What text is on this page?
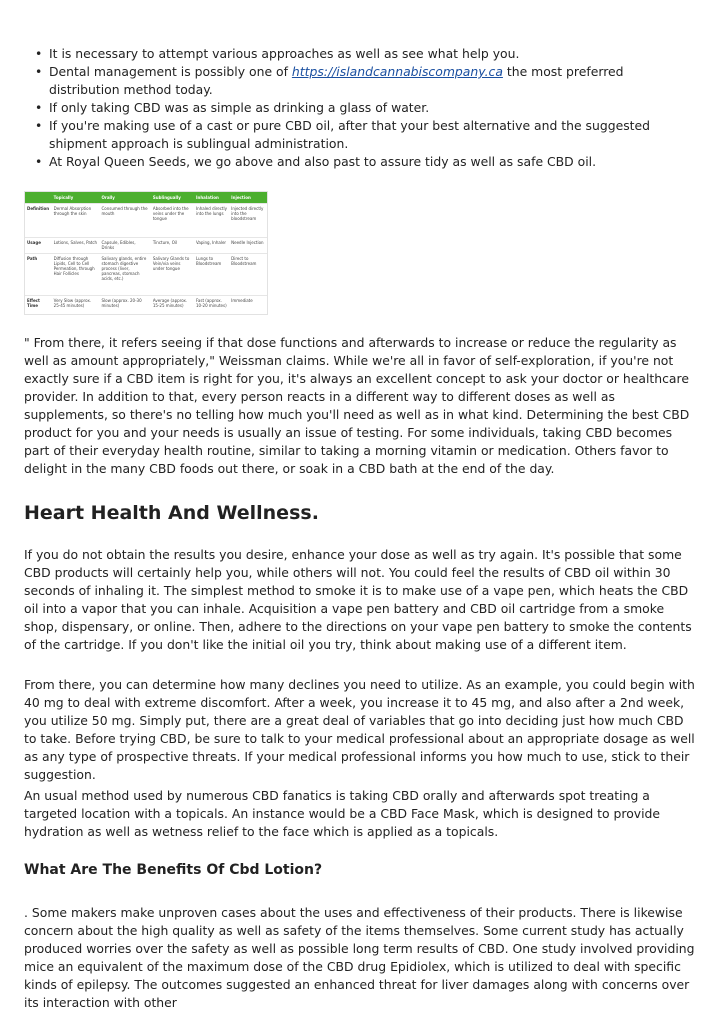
• It is necessary to attempt various approaches as well as see what help you.
• Dental management is possibly one of https://islandcannabiscompany.ca the most preferred distribution method today.
• If only taking CBD was as simple as drinking a glass of water.
• If you're making use of a cast or pure CBD oil, after that your best alternative and the suggested shipment approach is sublingual administration.
• At Royal Queen Seeds, we go above and also past to assure tidy as well as safe CBD oil.
	Topically	Orally	Sublingually	Inhalation	Injection
Definition	Dermal Absorption through the skin	Consumed through the mouth	Absorbed into the veins under the tongue	Inhaled directly into the lungs	Injected directly into the bloodstream
Usage	Lotions, Salves, Patch	Capsule, Edibles, Drinks	Tincture, Oil	Vaping, Inhaler	Needle Injection
Path	Diffusion through Lipids, Cell to Cell Permeation, through Hair Follicles	Salivary glands, entire stomach digestive process (liver, pancreas, stomach acids, etc.)	Salivary Glands to Vein/via veins under tongue	Lungs to Bloodstream	Direct to Bloodstream
Effect Time	Very Slow (approx. 25-45 minutes)	Slow (approx. 20-30 minutes)	Average (approx. 15-25 minutes)	Fast (approx. 10-20 minutes)	Immediate

" From there, it refers seeing if that dose functions and afterwards to increase or reduce the regularity as well as amount appropriately," Weissman claims. While we're all in favor of self-exploration, if you're not exactly sure if a CBD item is right for you, it's always an excellent concept to ask your doctor or healthcare provider. In addition to that, every person reacts in a different way to different doses as well as supplements, so there's no telling how much you'll need as well as in what kind. Determining the best CBD product for you and your needs is usually an issue of testing. For some individuals, taking CBD becomes part of their everyday health routine, similar to taking a morning vitamin or medication. Others favor to delight in the many CBD foods out there, or soak in a CBD bath at the end of the day.

Heart Health And Wellness.

If you do not obtain the results you desire, enhance your dose as well as try again. It's possible that some CBD products will certainly help you, while others will not. You could feel the results of CBD oil within 30 seconds of inhaling it. The simplest method to smoke it is to make use of a vape pen, which heats the CBD oil into a vapor that you can inhale. Acquisition a vape pen battery and CBD oil cartridge from a smoke shop, dispensary, or online. Then, adhere to the directions on your vape pen battery to smoke the contents of the cartridge. If you don't like the initial oil you try, think about making use of a different item.

From there, you can determine how many declines you need to utilize. As an example, you could begin with 40 mg to deal with extreme discomfort. After a week, you increase it to 45 mg, and also after a 2nd week, you utilize 50 mg. Simply put, there are a great deal of variables that go into deciding just how much CBD to take. Before trying CBD, be sure to talk to your medical professional about an appropriate dosage as well as any type of prospective threats. If your medical professional informs you how much to use, stick to their suggestion.

An usual method used by numerous CBD fanatics is taking CBD orally and afterwards spot treating a targeted location with a topicals. An instance would be a CBD Face Mask, which is designed to provide hydration as well as wetness relief to the face which is applied as a topicals.

What Are The Benefits Of Cbd Lotion?

. Some makers make unproven cases about the uses and effectiveness of their products. There is likewise concern about the high quality as well as safety of the items themselves. Some current study has actually produced worries over the safety as well as possible long term results of CBD. One study involved providing mice an equivalent of the maximum dose of the CBD drug Epidiolex, which is utilized to deal with specific kinds of epilepsy. The outcomes suggested an enhanced threat for liver damages along with concerns over its interaction with other
